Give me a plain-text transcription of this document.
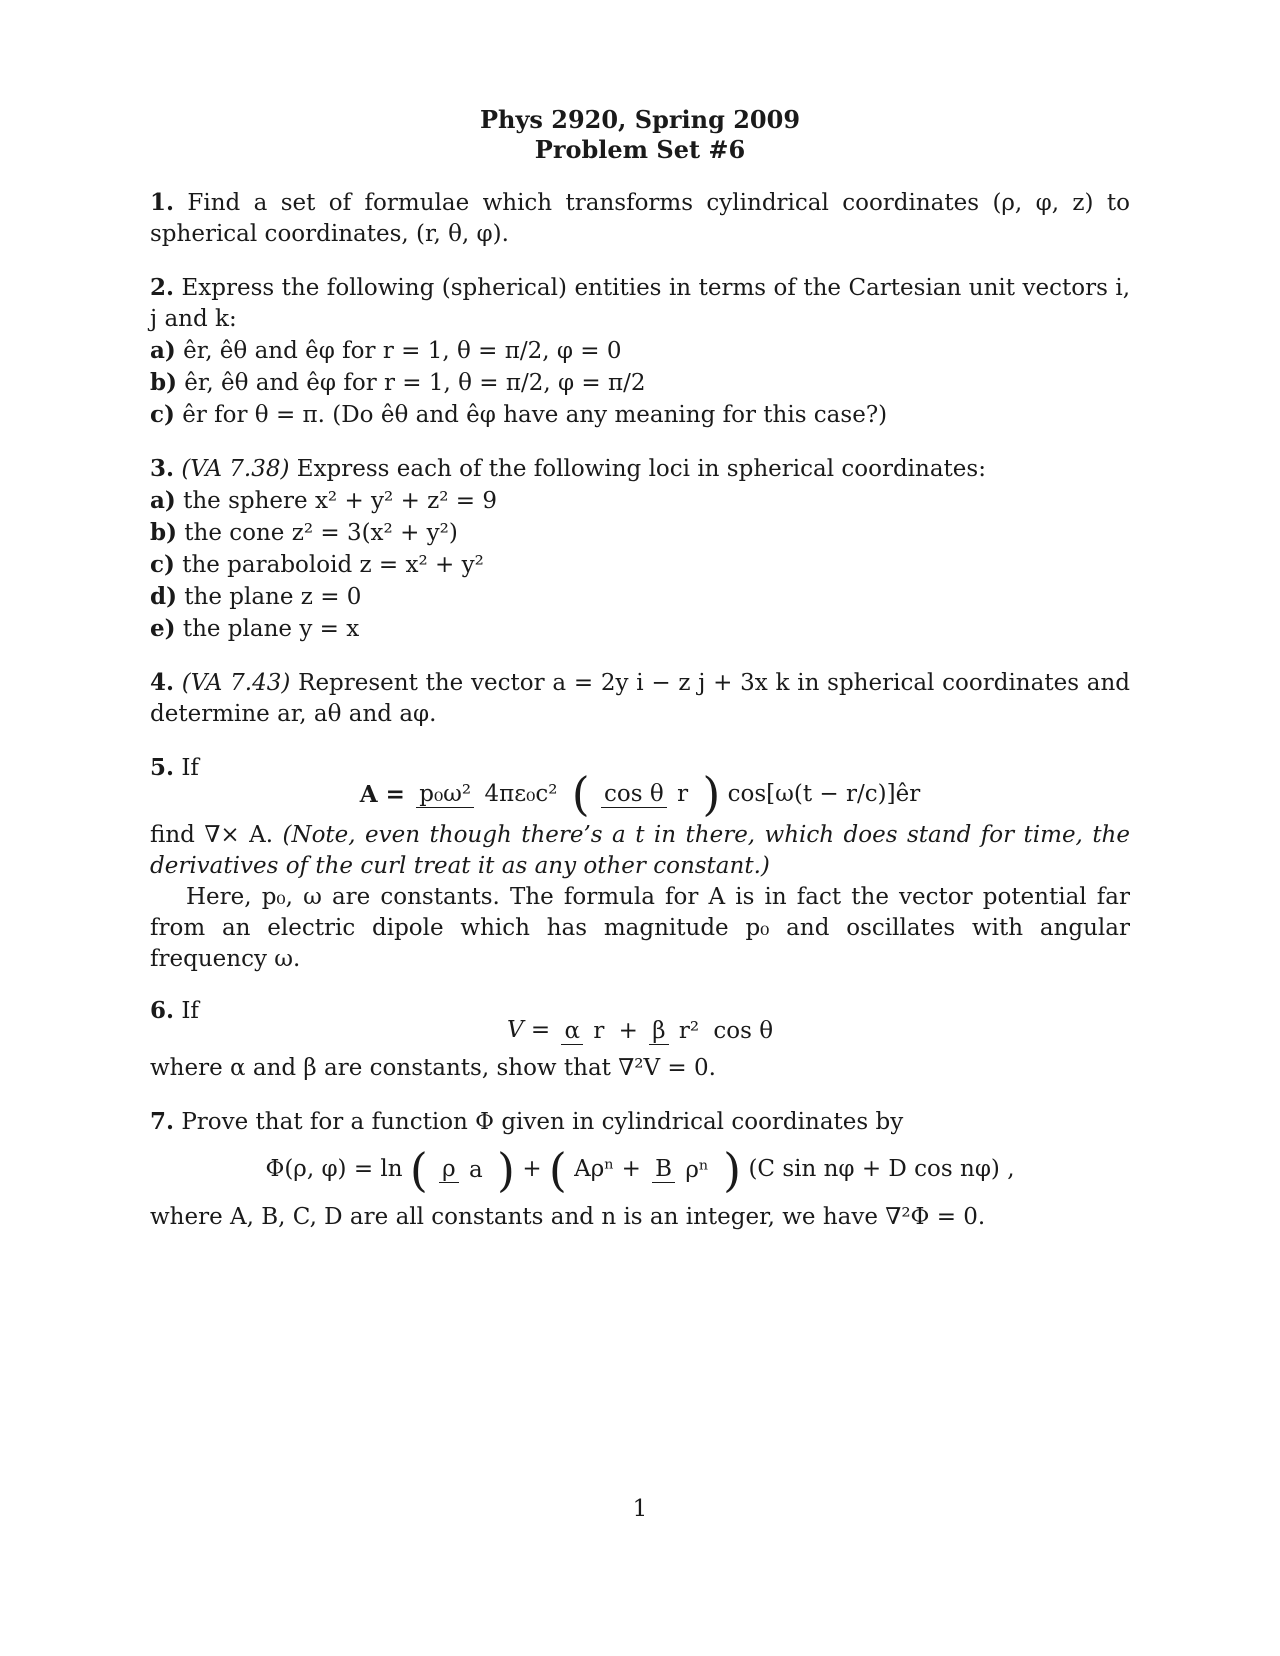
Phys 2920, Spring 2009
Problem Set #6
1. Find a set of formulae which transforms cylindrical coordinates (ρ, φ, z) to spherical coordinates, (r, θ, φ).
2. Express the following (spherical) entities in terms of the Cartesian unit vectors i, j and k:
a) êr, êθ and êφ for r = 1, θ = π/2, φ = 0
b) êr, êθ and êφ for r = 1, θ = π/2, φ = π/2
c) êr for θ = π. (Do êθ and êφ have any meaning for this case?)
3. (VA 7.38) Express each of the following loci in spherical coordinates:
a) the sphere x² + y² + z² = 9
b) the cone z² = 3(x² + y²)
c) the paraboloid z = x² + y²
d) the plane z = 0
e) the plane y = x
4. (VA 7.43) Represent the vector a = 2y i − z j + 3x k in spherical coordinates and determine ar, aθ and aφ.
5. If
A = p₀ω² 4πε₀c² ( cos θ r ) cos[ω(t − r/c)]êr
find ∇× A. (Note, even though there’s a t in there, which does stand for time, the derivatives of the curl treat it as any other constant.)
Here, p₀, ω are constants. The formula for A is in fact the vector potential far from an electric dipole which has magnitude p₀ and oscillates with angular frequency ω.
6. If
V = α r + β r² cos θ
where α and β are constants, show that ∇²V = 0.
7. Prove that for a function Φ given in cylindrical coordinates by
Φ(ρ, φ) = ln ( ρ a ) + ( Aρⁿ + B ρⁿ ) (C sin nφ + D cos nφ) ,
where A, B, C, D are all constants and n is an integer, we have ∇²Φ = 0.
1
